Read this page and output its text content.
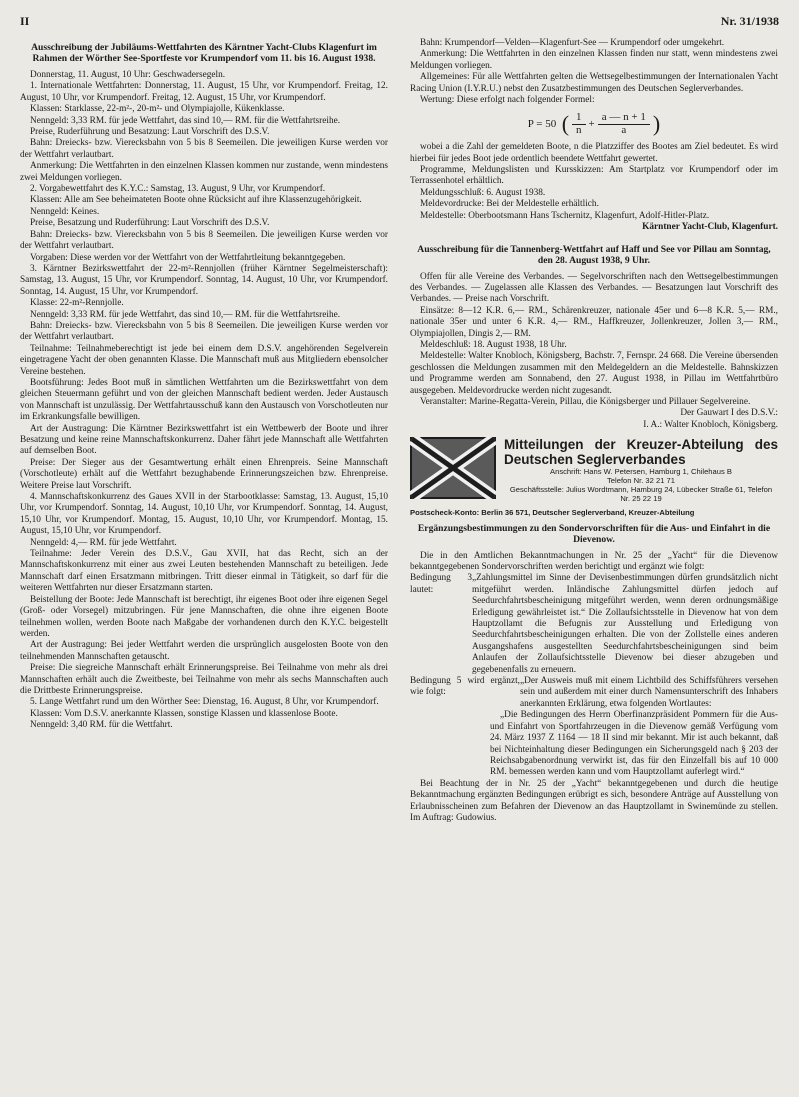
II	Nr. 31/1938
Ausschreibung der Jubiläums-Wettfahrten des Kärntner Yacht-Clubs Klagenfurt im Rahmen der Wörther See-Sportfeste vor Krumpendorf vom 11. bis 16. August 1938.

Donnerstag, 11. August, 10 Uhr: Geschwadersegeln.

1. Internationale Wettfahrten: Donnerstag, 11. August, 15 Uhr, vor Krumpendorf. Freitag, 12. August, 10 Uhr, vor Krumpendorf. Freitag, 12. August, 15 Uhr, vor Krumpendorf.

Klassen: Starklasse, 22-m²-, 20-m²- und Olympiajolle, Kükenklasse.

Nenngeld: 3,33 RM. für jede Wettfahrt, das sind 10,— RM. für die Wettfahrtsreihe.

Preise, Ruderführung und Besatzung: Laut Vorschrift des D.S.V.

Bahn: Dreiecks- bzw. Vierecksbahn von 5 bis 8 Seemeilen. Die jeweiligen Kurse werden vor der Wettfahrt verlautbart.

Anmerkung: Die Wettfahrten in den einzelnen Klassen kommen nur zustande, wenn mindestens zwei Meldungen vorliegen.

2. Vorgabewettfahrt des K.Y.C.: Samstag, 13. August, 9 Uhr, vor Krumpendorf.

Klassen: Alle am See beheimateten Boote ohne Rücksicht auf ihre Klassenzugehörigkeit.

Nenngeld: Keines.

Preise, Besatzung und Ruderführung: Laut Vorschrift des D.S.V.

Bahn: Dreiecks- bzw. Vierecksbahn von 5 bis 8 Seemeilen. Die jeweiligen Kurse werden vor der Wettfahrt verlautbart.

Vorgaben: Diese werden vor der Wettfahrt von der Wettfahrtleitung bekanntgegeben.

3. Kärntner Bezirkswettfahrt der 22-m²-Rennjollen (früher Kärntner Segelmeisterschaft): Samstag, 13. August, 15 Uhr, vor Krumpendorf. Sonntag, 14. August, 10 Uhr, vor Krumpendorf. Sonntag, 14. August, 15 Uhr, vor Krumpendorf.

Klasse: 22-m²-Rennjolle.

Nenngeld: 3,33 RM. für jede Wettfahrt, das sind 10,— RM. für die Wettfahrtsreihe.

Bahn: Dreiecks- bzw. Vierecksbahn von 5 bis 8 Seemeilen. Die jeweiligen Kurse werden vor der Wettfahrt verlautbart.

Teilnahme: Teilnahmeberechtigt ist jede bei einem dem D.S.V. angehörenden Segelverein eingetragene Yacht der oben genannten Klasse. Die Mannschaft muß aus Mitgliedern ebensolcher Vereine bestehen.

Bootsführung: Jedes Boot muß in sämtlichen Wettfahrten um die Bezirkswettfahrt von dem gleichen Steuermann geführt und von der gleichen Mannschaft bedient werden. Jeder Austausch von Mannschaft ist unzulässig. Der Wettfahrtausschuß kann den Austausch von Vorschotleuten nur im Erkrankungsfalle bewilligen.

Art der Austragung: Die Kärntner Bezirkswettfahrt ist ein Wettbewerb der Boote und ihrer Besatzung und keine reine Mannschaftskonkurrenz. Daher fährt jede Mannschaft alle Wettfahrten auf demselben Boot.

Preise: Der Sieger aus der Gesamtwertung erhält einen Ehrenpreis. Seine Mannschaft (Vorschotleute) erhält auf die Wettfahrt bezughabende Erinnerungszeichen bzw. Ehrenpreise. Weitere Preise laut Vorschrift.

4. Mannschaftskonkurrenz des Gaues XVII in der Starbootklasse: Samstag, 13. August, 15,10 Uhr, vor Krumpendorf. Sonntag, 14. August, 10,10 Uhr, vor Krumpendorf. Sonntag, 14. August, 15,10 Uhr, vor Krumpendorf. Montag, 15. August, 10,10 Uhr, vor Krumpendorf. Montag, 15. August, 15,10 Uhr, vor Krumpendorf.

Nenngeld: 4,— RM. für jede Wettfahrt.

Teilnahme: Jeder Verein des D.S.V., Gau XVII, hat das Recht, sich an der Mannschaftskonkurrenz mit einer aus zwei Leuten bestehenden Mannschaft zu beteiligen. Jede Mannschaft darf einen Ersatzmann mitbringen. Tritt dieser einmal in Tätigkeit, so darf für die weiteren Wettfahrten nur dieser Ersatzmann starten.

Beistellung der Boote: Jede Mannschaft ist berechtigt, ihr eigenes Boot oder ihre eigenen Segel (Groß- oder Vorsegel) mitzubringen. Für jene Mannschaften, die ohne ihre eigenen Boote teilnehmen wollen, werden Boote nach Maßgabe der vorhandenen durch den K.Y.C. beigestellt werden.

Art der Austragung: Bei jeder Wettfahrt werden die ursprünglich ausgelosten Boote von den teilnehmenden Mannschaften getauscht.

Preise: Die siegreiche Mannschaft erhält Erinnerungspreise. Bei Teilnahme von mehr als drei Mannschaften erhält auch die Zweitbeste, bei Teilnahme von mehr als sechs Mannschaften auch die Drittbeste Erinnerungspreise.

5. Lange Wettfahrt rund um den Wörther See: Dienstag, 16. August, 8 Uhr, vor Krumpendorf.

Klassen: Vom D.S.V. anerkannte Klassen, sonstige Klassen und klassenlose Boote.

Nenngeld: 3,40 RM. für die Wettfahrt.

Bahn: Krumpendorf—Velden—Klagenfurt-See — Krumpendorf oder umgekehrt.

Anmerkung: Die Wettfahrten in den einzelnen Klassen finden nur statt, wenn mindestens zwei Meldungen vorliegen.

Allgemeines: Für alle Wettfahrten gelten die Wettsegelbestimmungen der Internationalen Yacht Racing Union (I.Y.R.U.) nebst den Zusatzbestimmungen des Deutschen Seglerverbandes.

Wertung: Diese erfolgt nach folgender Formel:

P = 50 ( $\frac{1}{n} + \frac{a — n + 1}{a}$ )

wobei a die Zahl der gemeldeten Boote, n die Platzziffer des Bootes am Ziel bedeutet. Es wird hierbei für jedes Boot jede ordentlich beendete Wettfahrt gewertet.

Programme, Meldungslisten und Kursskizzen: Am Startplatz vor Krumpendorf oder im Terrassenhotel erhältlich.

Meldungsschluß: 6. August 1938.

Meldevordrucke: Bei der Meldestelle erhältlich.

Meldestelle: Oberbootsmann Hans Tschernitz, Klagenfurt, Adolf-Hitler-Platz.

Kärntner Yacht-Club, Klagenfurt.

Ausschreibung für die Tannenberg-Wettfahrt auf Haff und See vor Pillau am Sonntag, den 28. August 1938, 9 Uhr.

Offen für alle Vereine des Verbandes. — Segelvorschriften nach den Wettsegelbestimmungen des Verbandes. — Zugelassen alle Klassen des Verbandes. — Besatzungen laut Vorschrift des Verbandes. — Preise nach Vorschrift.

Einsätze: 8—12 K.R. 6,— RM., Schärenkreuzer, nationale 45er und 6—8 K.R. 5,— RM., nationale 35er und unter 6 K.R. 4,— RM., Haffkreuzer, Jollenkreuzer, Jollen 3,— RM., Olympiajollen, Dingis 2,— RM.

Meldeschluß: 18. August 1938, 18 Uhr.

Meldestelle: Walter Knobloch, Königsberg, Bachstr. 7, Fernspr. 24 668. Die Vereine übersenden geschlossen die Meldungen zusammen mit den Meldegeldern an die Meldestelle. Bahnskizzen und Programme werden am Sonnabend, den 27. August 1938, in Pillau im Wettfahrtbüro ausgegeben. Meldevordrucke werden nicht zugesandt.

Veranstalter: Marine-Regatta-Verein, Pillau, die Königsberger und Pillauer Segelvereine.

Der Gauwart I des D.S.V.:

I. A.: Walter Knobloch, Königsberg.

Mitteilungen der Kreuzer-Abteilung des Deutschen Seglerverbandes
Anschrift: Hans W. Petersen, Hamburg 1, Chilehaus B
Telefon Nr. 32 21 71
Geschäftsstelle: Julius Wordtmann, Hamburg 24, Lübecker Straße 61, Telefon Nr. 25 22 19
Postscheck-Konto: Berlin 36 571, Deutscher Seglerverband, Kreuzer-Abteilung
Ergänzungsbestimmungen zu den Sondervorschriften für die Aus- und Einfahrt in die Dievenow.

Die in den Amtlichen Bekanntmachungen in Nr. 25 der „Yacht“ für die Dievenow bekanntgegebenen Sondervorschriften werden berichtigt und ergänzt wie folgt:

Bedingung 3 lautet:
„Zahlungsmittel im Sinne der Devisenbestimmungen dürfen grundsätzlich nicht mitgeführt werden. Inländische Zahlungsmittel dürfen jedoch auf Seedurchfahrtsbescheinigung mitgeführt werden, wenn deren ordnungsmäßige Erledigung gewährleistet ist.“ Die Zollaufsichtsstelle in Dievenow hat von dem Hauptzollamt die Befugnis zur Ausstellung und Erledigung von Seedurchfahrtsbescheinigungen erhalten. Die von der Zollstelle eines anderen Ausgangshafens ausgestellten Seedurchfahrtsbescheinigungen sind beim Anlaufen der Zollaufsichtsstelle Dievenow bei dieser abzugeben und gegebenenfalls zu erneuern.
Bedingung 5 wird ergänzt, wie folgt:
„Der Ausweis muß mit einem Lichtbild des Schiffsführers versehen sein und außerdem mit einer durch Namensunterschrift des Inhabers anerkannten Erklärung, etwa folgenden Wortlautes:

„Die Bedingungen des Herrn Oberfinanzpräsident Pommern für die Aus- und Einfahrt von Sportfahrzeugen in die Dievenow gemäß Verfügung vom 24. März 1937 Z 1164 — 18 II sind mir bekannt. Mir ist auch bekannt, daß bei Nichteinhaltung dieser Bedingungen ein Sicherungsgeld nach § 203 der Reichsabgabenordnung verwirkt ist, das für den Einzelfall bis auf 10 000 RM. bemessen werden kann und vom Hauptzollamt auferlegt wird.“

Bei Beachtung der in Nr. 25 der „Yacht“ bekanntgegebenen und durch die heutige Bekanntmachung ergänzten Bedingungen erübrigt es sich, besondere Anträge auf Ausstellung von Erlaubnisscheinen zum Befahren der Dievenow an das Hauptzollamt in Swinemünde zu stellen. Im Auftrag: Gudowius.
